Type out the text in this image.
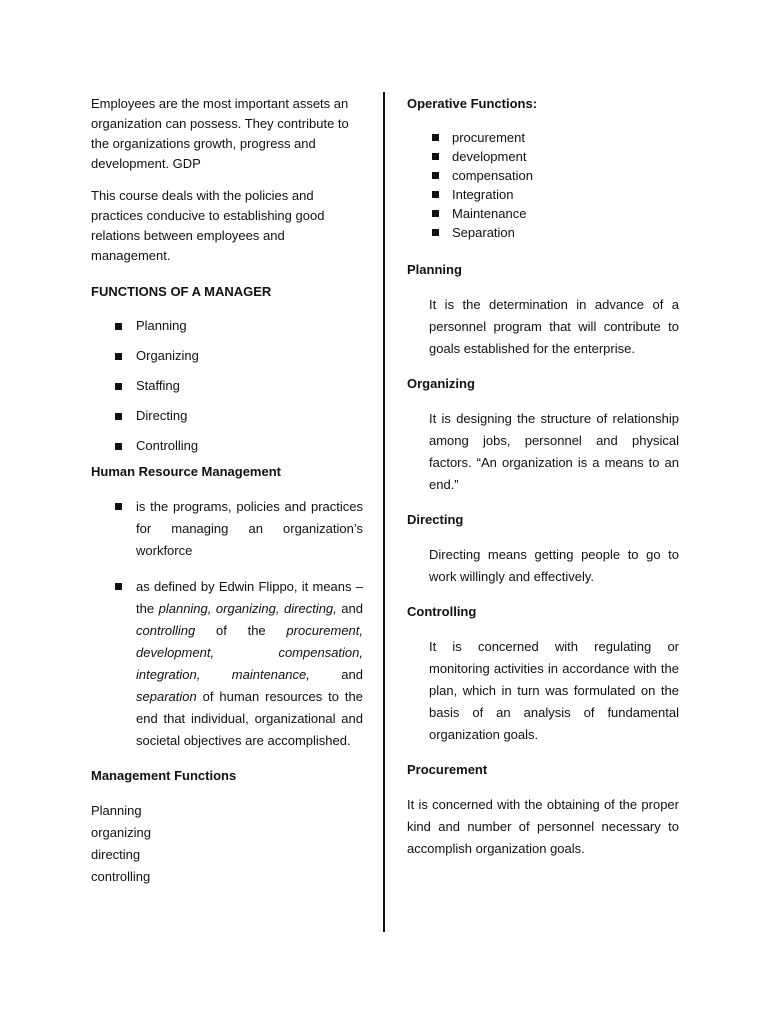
Employees are the most important assets an organization can possess. They contribute to the organizations growth, progress and development. GDP

This course deals with the policies and practices conducive to establishing good relations between employees and management.

FUNCTIONS OF A MANAGER

Planning
Organizing
Staffing
Directing
Controlling

Human Resource Management

is the programs, policies and practices for managing an organization’s workforce
as defined by Edwin Flippo, it means – the planning, organizing, directing, and controlling of the procurement, development, compensation, integration, maintenance, and separation of human resources to the end that individual, organizational and societal objectives are accomplished.

Management Functions

Planning
organizing
directing
controlling

Operative Functions:

procurement
development
compensation
Integration
Maintenance
Separation

Planning

It is the determination in advance of a personnel program that will contribute to goals established for the enterprise.

Organizing

It is designing the structure of relationship among jobs, personnel and physical factors. “An organization is a means to an end.”

Directing

Directing means getting people to go to work willingly and effectively.

Controlling

It is concerned with regulating or monitoring activities in accordance with the plan, which in turn was formulated on the basis of an analysis of fundamental organization goals.

Procurement

It is concerned with the obtaining of the proper kind and number of personnel necessary to accomplish organization goals.
